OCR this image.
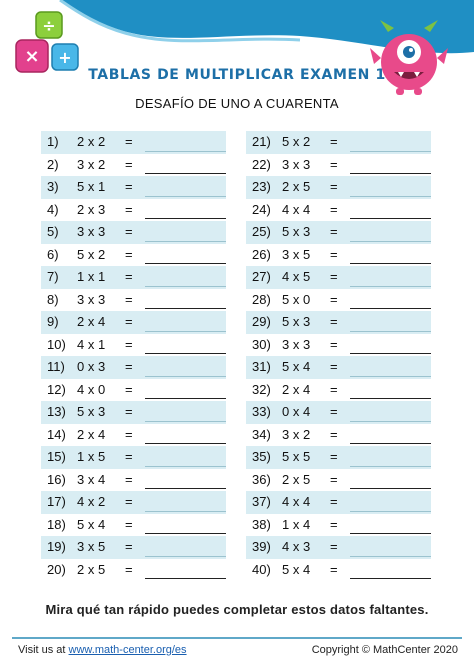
÷
× +
TABLAS DE MULTIPLICAR EXAMEN 1
DESAFÍO DE UNO A CUARENTA
1) 2 x 2 =
2) 3 x 2 =
3) 5 x 1 =
4) 2 x 3 =
5) 3 x 3 =
6) 5 x 2 =
7) 1 x 1 =
8) 3 x 3 =
9) 2 x 4 =
10) 4 x 1 =
11) 0 x 3 =
12) 4 x 0 =
13) 5 x 3 =
14) 2 x 4 =
15) 1 x 5 =
16) 3 x 4 =
17) 4 x 2 =
18) 5 x 4 =
19) 3 x 5 =
20) 2 x 5 =
21) 5 x 2 =
22) 3 x 3 =
23) 2 x 5 =
24) 4 x 4 =
25) 5 x 3 =
26) 3 x 5 =
27) 4 x 5 =
28) 5 x 0 =
29) 5 x 3 =
30) 3 x 3 =
31) 5 x 4 =
32) 2 x 4 =
33) 0 x 4 =
34) 3 x 2 =
35) 5 x 5 =
36) 2 x 5 =
37) 4 x 4 =
38) 1 x 4 =
39) 4 x 3 =
40) 5 x 4 =
Mira qué tan rápido puedes completar estos datos faltantes.
Visit us at www.math-center.org/es	Copyright © MathCenter 2020
